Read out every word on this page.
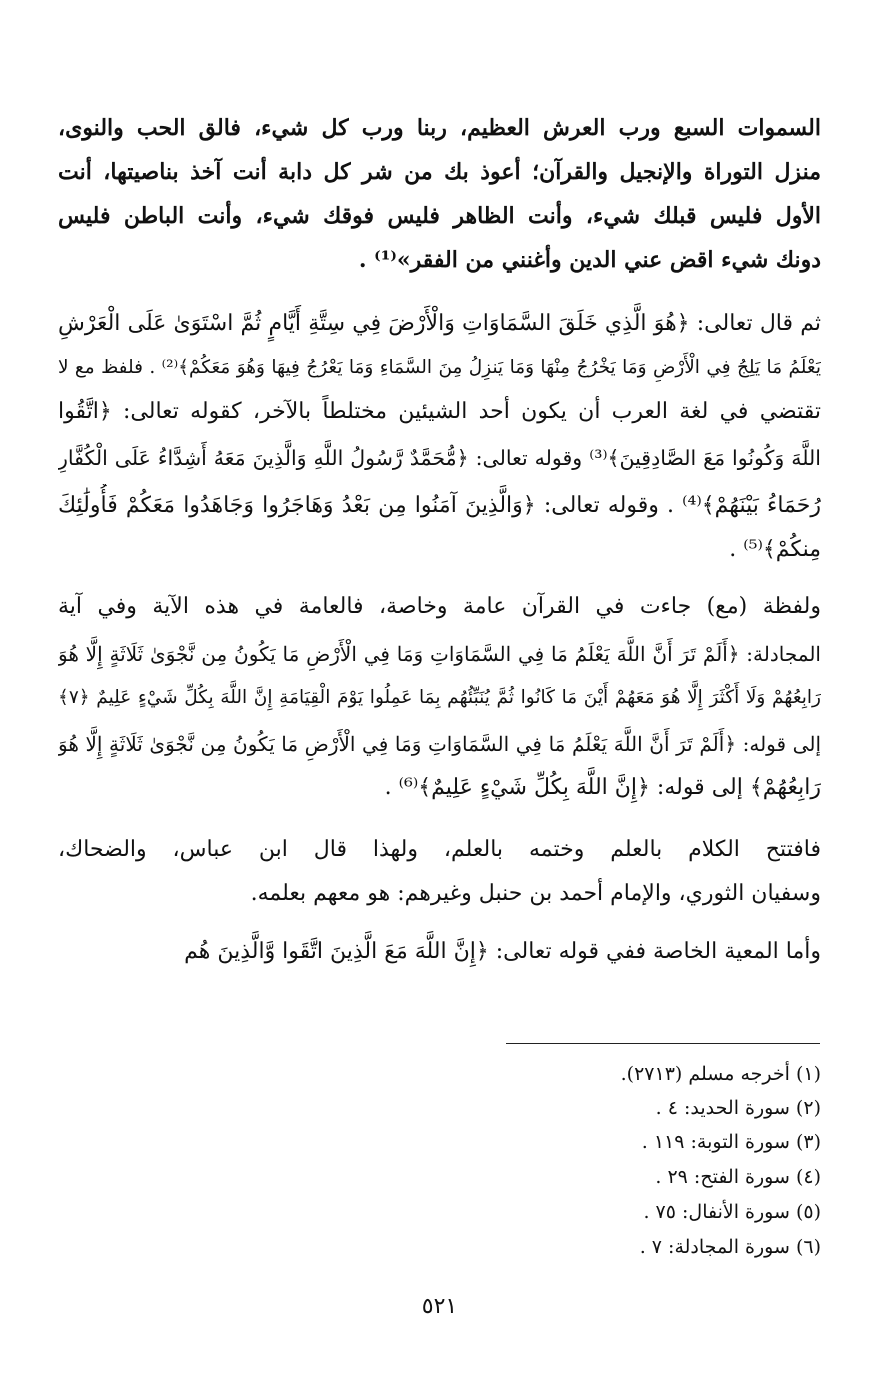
السموات السبع ورب العرش العظيم، ربنا ورب كل شيء، فالق الحب والنوى،
منزل التوراة والإنجيل والقرآن؛ أعوذ بك من شر كل دابة أنت آخذ بناصيتها، أنت
الأول فليس قبلك شيء، وأنت الظاهر فليس فوقك شيء، وأنت الباطن فليس
دونك شيء اقض عني الدين وأغنني من الفقر»⁽¹⁾ .
ثم قال تعالى: ﴿هُوَ الَّذِي خَلَقَ السَّمَاوَاتِ وَالْأَرْضَ فِي سِتَّةِ أَيَّامٍ ثُمَّ اسْتَوَىٰ عَلَى الْعَرْشِ
يَعْلَمُ مَا يَلِجُ فِي الْأَرْضِ وَمَا يَخْرُجُ مِنْهَا وَمَا يَنزِلُ مِنَ السَّمَاءِ وَمَا يَعْرُجُ فِيهَا وَهُوَ مَعَكُمْ﴾⁽²⁾ . فلفظ مع لا
تقتضي في لغة العرب أن يكون أحد الشيئين مختلطاً بالآخر، كقوله تعالى: ﴿اتَّقُوا
اللَّهَ وَكُونُوا مَعَ الصَّادِقِينَ﴾⁽³⁾ وقوله تعالى: ﴿مُّحَمَّدٌ رَّسُولُ اللَّهِ وَالَّذِينَ مَعَهُ أَشِدَّاءُ عَلَى الْكُفَّارِ
رُحَمَاءُ بَيْنَهُمْ﴾⁽⁴⁾ . وقوله تعالى: ﴿وَالَّذِينَ آمَنُوا مِن بَعْدُ وَهَاجَرُوا وَجَاهَدُوا مَعَكُمْ فَأُولَٰئِكَ
مِنكُمْ﴾⁽⁵⁾ .
ولفظة (مع) جاءت في القرآن عامة وخاصة، فالعامة في هذه الآية وفي آية
المجادلة: ﴿أَلَمْ تَرَ أَنَّ اللَّهَ يَعْلَمُ مَا فِي السَّمَاوَاتِ وَمَا فِي الْأَرْضِ مَا يَكُونُ مِن نَّجْوَىٰ ثَلَاثَةٍ إِلَّا هُوَ
رَابِعُهُمْ وَلَا أَكْثَرَ إِلَّا هُوَ مَعَهُمْ أَيْنَ مَا كَانُوا ثُمَّ يُنَبِّئُهُم بِمَا عَمِلُوا يَوْمَ الْقِيَامَةِ إِنَّ اللَّهَ بِكُلِّ شَيْءٍ عَلِيمٌ ﴿٧﴾
إلى قوله: ﴿أَلَمْ تَرَ أَنَّ اللَّهَ يَعْلَمُ مَا فِي السَّمَاوَاتِ وَمَا فِي الْأَرْضِ مَا يَكُونُ مِن نَّجْوَىٰ ثَلَاثَةٍ إِلَّا هُوَ
رَابِعُهُمْ﴾ إلى قوله: ﴿إِنَّ اللَّهَ بِكُلِّ شَيْءٍ عَلِيمٌ﴾⁽⁶⁾ .
فافتتح الكلام بالعلم وختمه بالعلم، ولهذا قال ابن عباس، والضحاك،
وسفيان الثوري، والإمام أحمد بن حنبل وغيرهم: هو معهم بعلمه.
وأما المعية الخاصة ففي قوله تعالى: ﴿إِنَّ اللَّهَ مَعَ الَّذِينَ اتَّقَوا وَّالَّذِينَ هُم
(١) أخرجه مسلم (٢٧١٣).
(٢) سورة الحديد: ٤ .
(٣) سورة التوبة: ١١٩ .
(٤) سورة الفتح: ٢٩ .
(٥) سورة الأنفال: ٧٥ .
(٦) سورة المجادلة: ٧ .
٥٢١
